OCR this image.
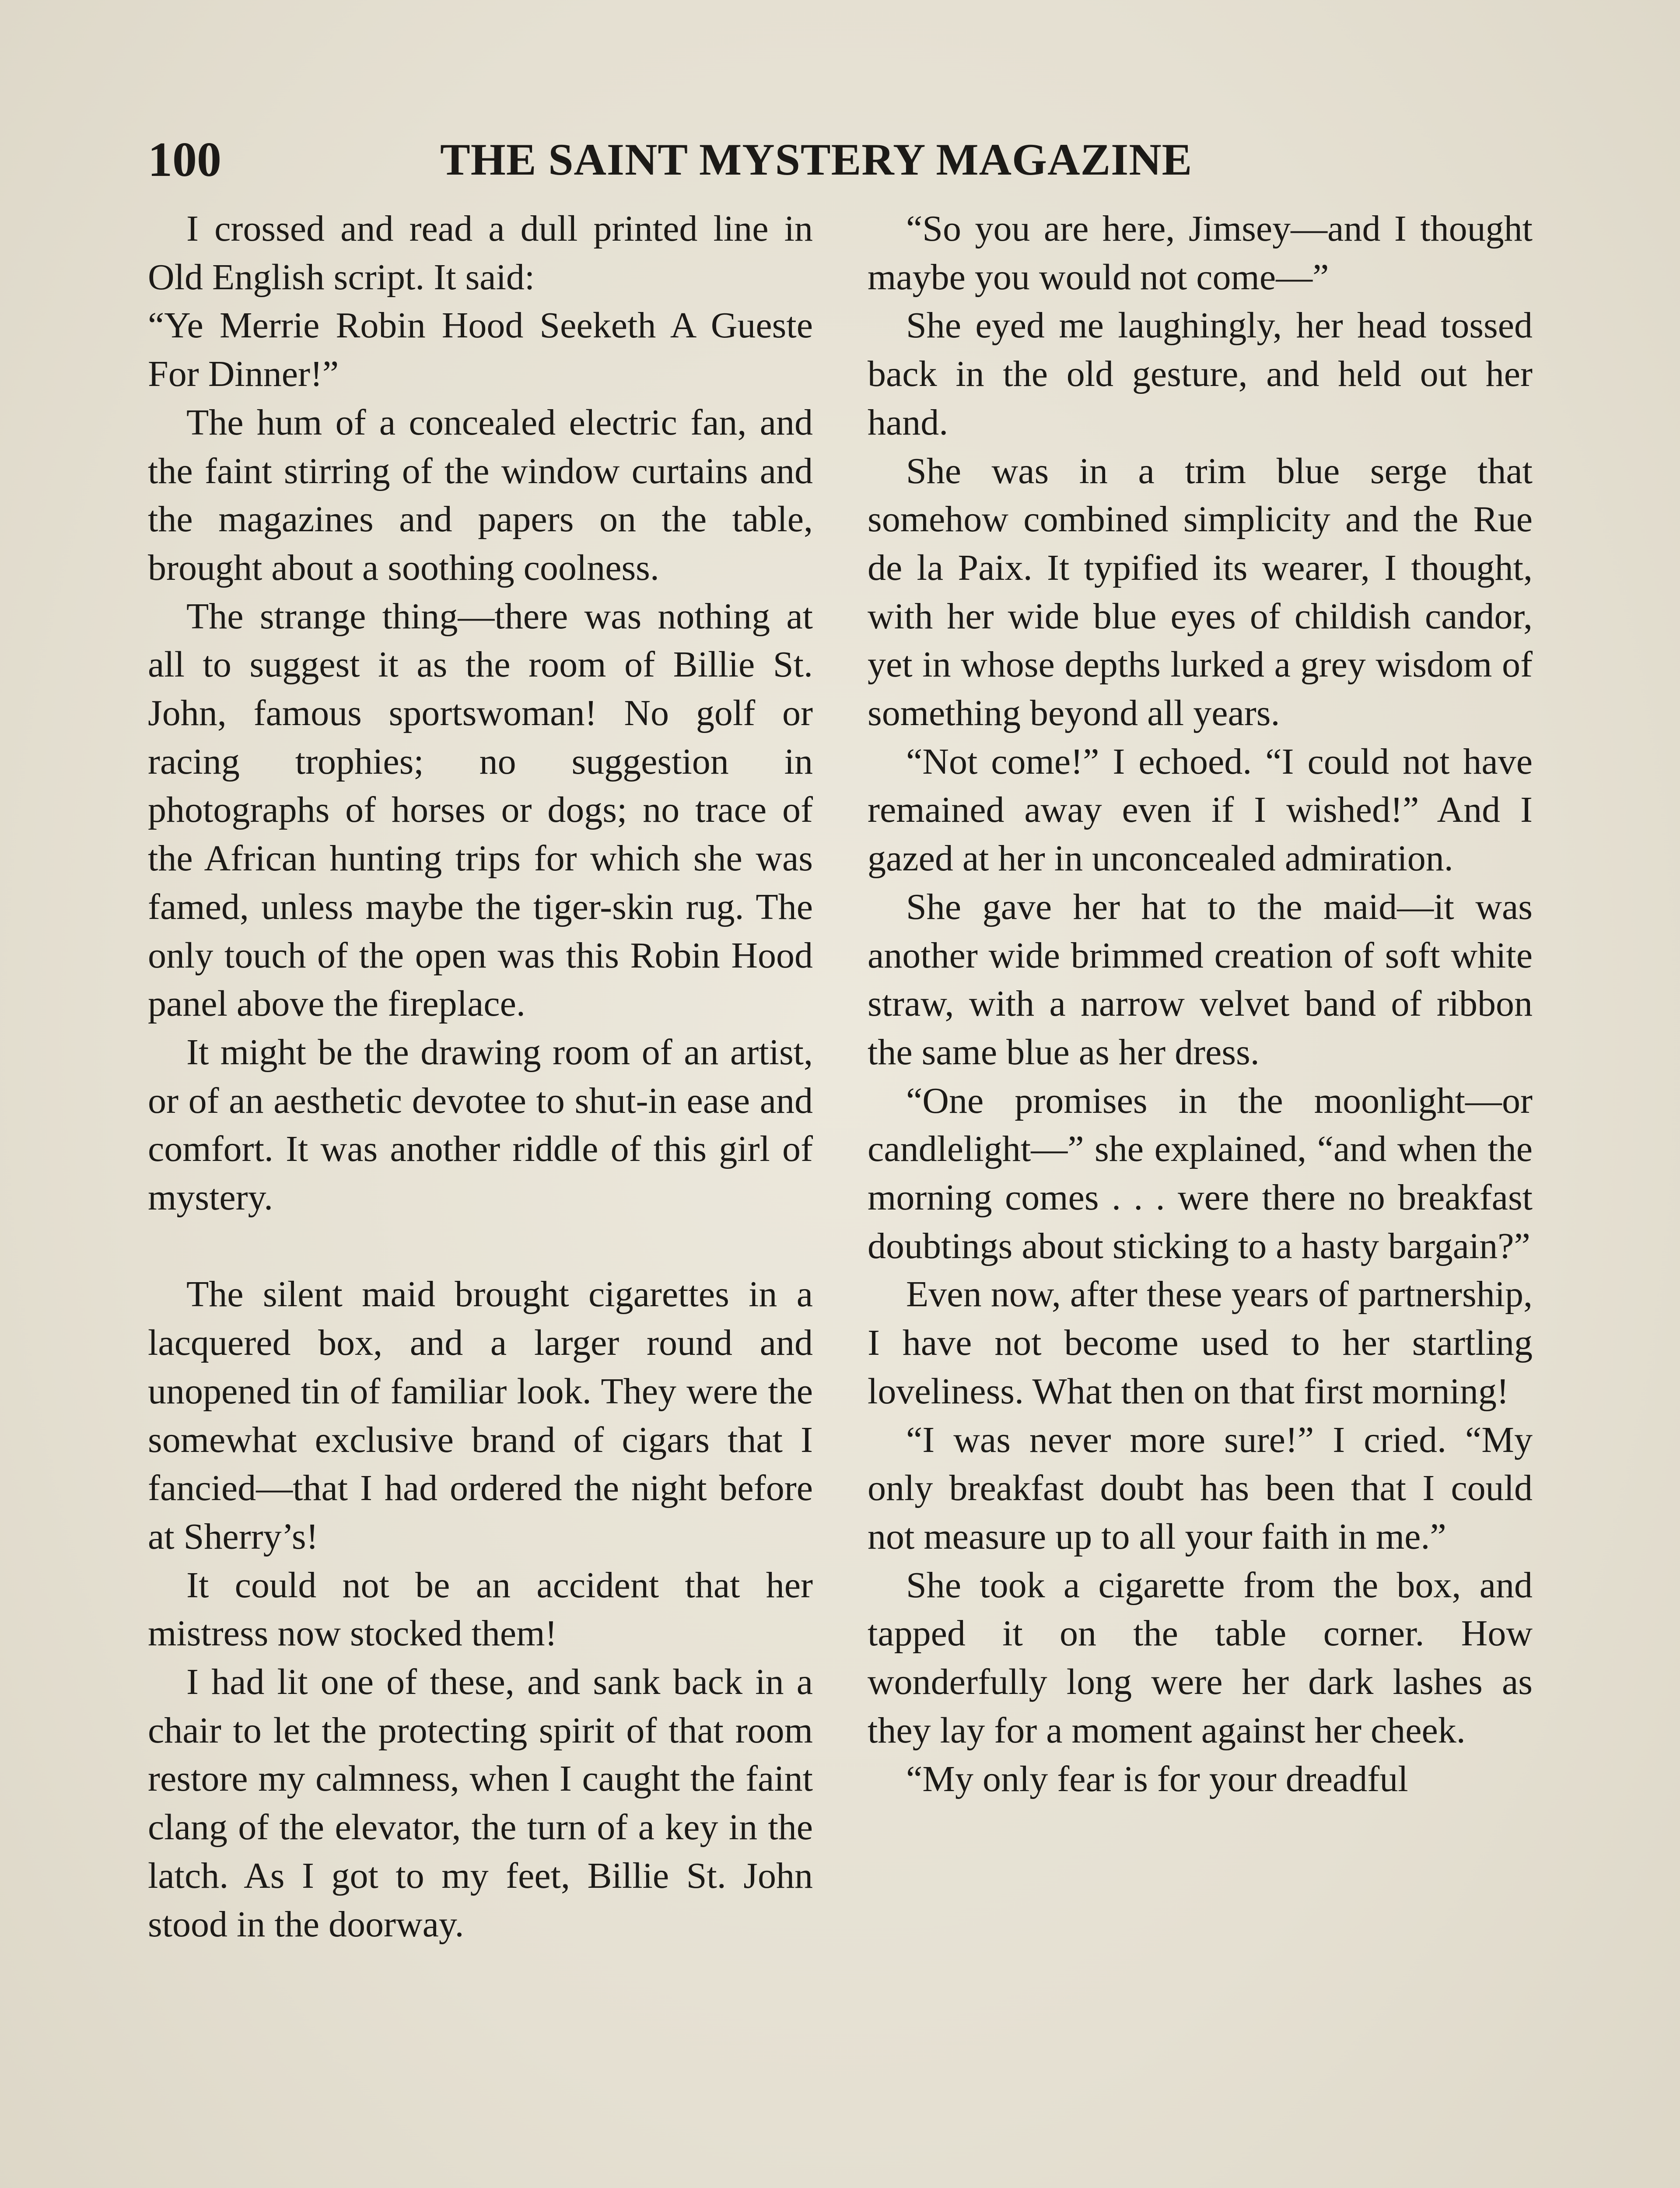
100	THE SAINT MYSTERY MAGAZINE

I crossed and read a dull printed line in Old English script. It said:

“Ye Merrie Robin Hood Seeketh A Gueste For Dinner!”

The hum of a concealed electric fan, and the faint stirring of the window curtains and the magazines and papers on the table, brought about a soothing coolness.

The strange thing—there was nothing at all to suggest it as the room of Billie St. John, famous sportswoman! No golf or racing trophies; no suggestion in photographs of horses or dogs; no trace of the African hunting trips for which she was famed, unless maybe the tiger-skin rug. The only touch of the open was this Robin Hood panel above the fireplace.

It might be the drawing room of an artist, or of an aesthetic devotee to shut-in ease and comfort. It was another riddle of this girl of mystery.

The silent maid brought cigarettes in a lacquered box, and a larger round and unopened tin of familiar look. They were the somewhat exclusive brand of cigars that I fancied—that I had ordered the night before at Sherry’s!

It could not be an accident that her mistress now stocked them!

I had lit one of these, and sank back in a chair to let the protecting spirit of that room restore my calmness, when I caught the faint clang of the elevator, the turn of a key in the latch. As I got to my feet, Billie St. John stood in the doorway.

“So you are here, Jimsey—and I thought maybe you would not come—”

She eyed me laughingly, her head tossed back in the old gesture, and held out her hand.

She was in a trim blue serge that somehow combined simplicity and the Rue de la Paix. It typified its wearer, I thought, with her wide blue eyes of childish candor, yet in whose depths lurked a grey wisdom of something beyond all years.

“Not come!” I echoed. “I could not have remained away even if I wished!” And I gazed at her in unconcealed admiration.

She gave her hat to the maid—it was another wide brimmed creation of soft white straw, with a narrow velvet band of ribbon the same blue as her dress.

“One promises in the moonlight—or candlelight—” she explained, “and when the morning comes . . . were there no breakfast doubtings about sticking to a hasty bargain?”

Even now, after these years of partnership, I have not become used to her startling loveliness. What then on that first morning!

“I was never more sure!” I cried. “My only breakfast doubt has been that I could not measure up to all your faith in me.”

She took a cigarette from the box, and tapped it on the table corner. How wonderfully long were her dark lashes as they lay for a moment against her cheek.

“My only fear is for your dreadful
